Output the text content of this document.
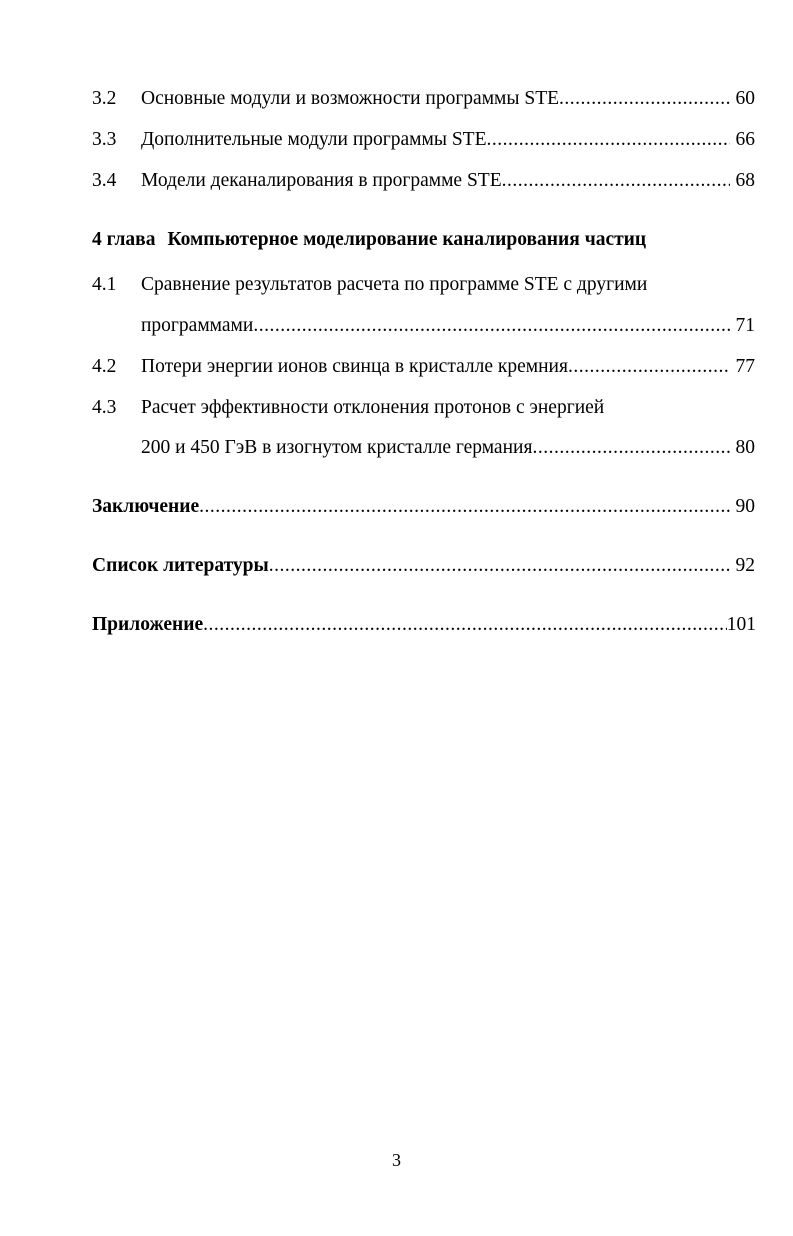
3.2	Основные модули и возможности программы STE .....	60
3.3	Дополнительные модули программы STE .....	66
3.4	Модели деканалирования в программе STE .....	68
4 глава Компьютерное моделирование каналирования частиц
4.1	Сравнение результатов расчета по программе STE с другими
программами .....	71
4.2	Потери энергии ионов свинца в кристалле кремния .....	77
4.3	Расчет эффективности отклонения протонов с энергией
200 и 450 ГэВ в изогнутом кристалле германия .....	80
Заключение .....	90
Список литературы .....	92
Приложение .....	101
3
